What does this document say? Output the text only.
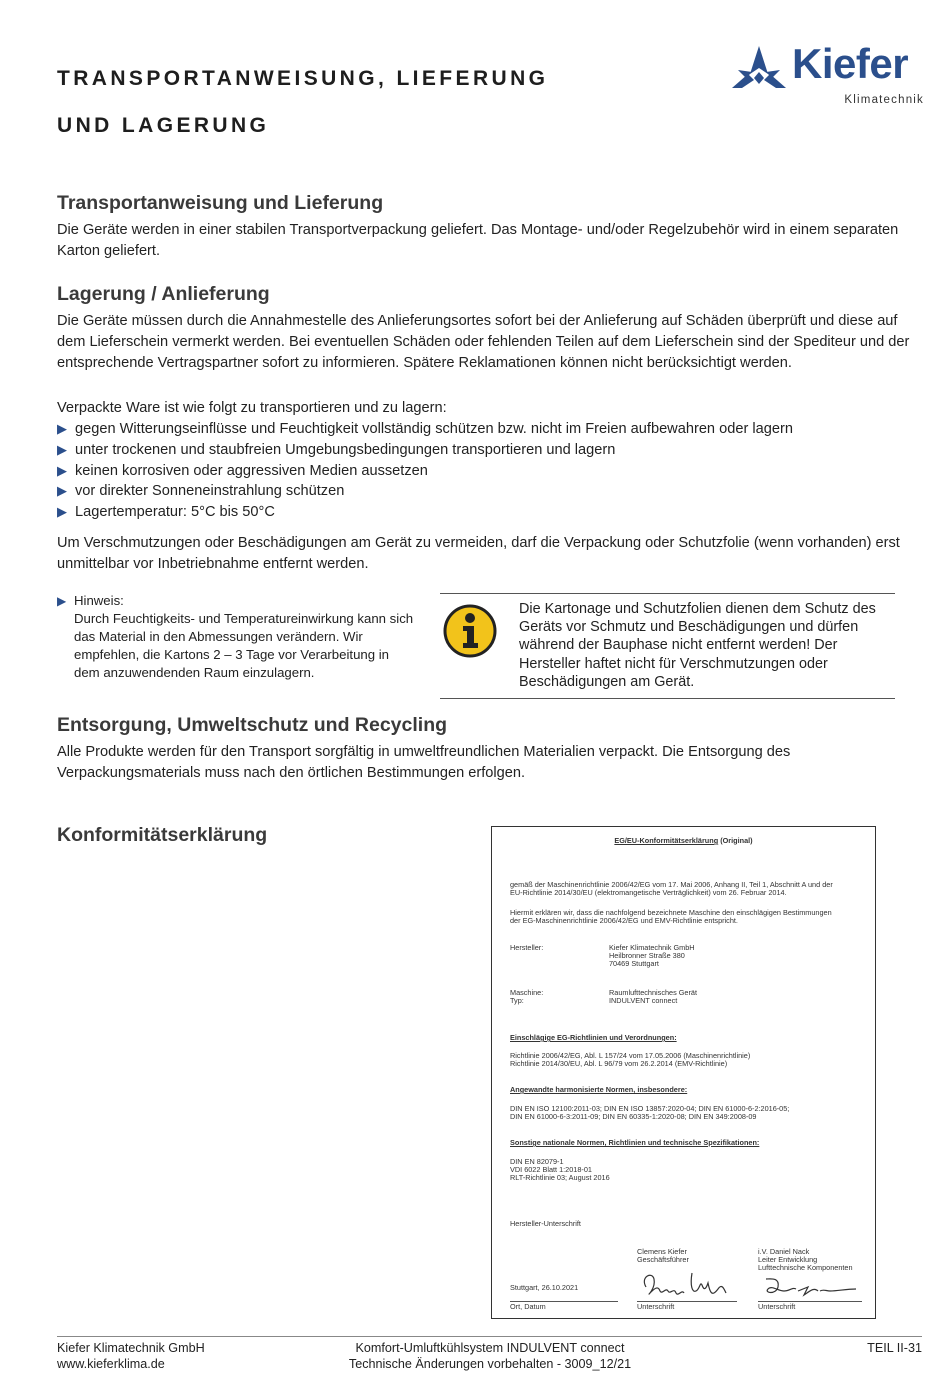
TRANSPORTANWEISUNG, LIEFERUNG
UND LAGERUNG
Kiefer
Klimatechnik
Transportanweisung und Lieferung

Die Geräte werden in einer stabilen Transportverpackung geliefert. Das Montage- und/oder Regelzubehör wird in einem separaten Karton geliefert.

Lagerung / Anlieferung

Die Geräte müssen durch die Annahmestelle des Anlieferungsortes sofort bei der Anlieferung auf Schäden überprüft und diese auf dem Lieferschein vermerkt werden. Bei eventuellen Schäden oder fehlenden Teilen auf dem Lieferschein sind der Spediteur und der entsprechende Vertragspartner sofort zu informieren. Spätere Reklamationen können nicht berücksichtigt werden.

Verpackte Ware ist wie folgt zu transportieren und zu lagern:

▶ gegen Witterungseinflüsse und Feuchtigkeit vollständig schützen bzw. nicht im Freien aufbewahren oder lagern
▶ unter trockenen und staubfreien Umgebungsbedingungen transportieren und lagern
▶ keinen korrosiven oder aggressiven Medien aussetzen
▶ vor direkter Sonneneinstrahlung schützen
▶ Lagertemperatur: 5°C bis 50°C

Um Verschmutzungen oder Beschädigungen am Gerät zu vermeiden, darf die Verpackung oder Schutzfolie (wenn vorhanden) erst unmittelbar vor Inbetriebnahme entfernt werden.

▶ Hinweis:
Durch Feuchtigkeits- und Temperatureinwirkung kann sich das Material in den Abmessungen verändern. Wir empfehlen, die Kartons 2 – 3 Tage vor Verarbeitung in dem anzuwendenden Raum einzulagern.
Die Kartonage und Schutzfolien dienen dem Schutz des Geräts vor Schmutz und Beschädigungen und dürfen während der Bauphase nicht entfernt werden! Der Hersteller haftet nicht für Verschmutzungen oder Beschädigungen am Gerät.
Entsorgung, Umweltschutz und Recycling

Alle Produkte werden für den Transport sorgfältig in umweltfreundlichen Materialien verpackt. Die Entsorgung des Verpackungsmaterials muss nach den örtlichen Bestimmungen erfolgen.

Konformitätserklärung	EG/EU-Konformitätserklärung (Original)
gemäß der Maschinenrichtlinie 2006/42/EG vom 17. Mai 2006, Anhang II, Teil 1, Abschnitt A und der
EU-Richtlinie 2014/30/EU (elektromangetische Verträglichkeit) vom 26. Februar 2014.
Hiermit erklären wir, dass die nachfolgend bezeichnete Maschine den einschlägigen Bestimmungen
der EG-Maschinenrichtlinie 2006/42/EG und EMV-Richtlinie entspricht.
Hersteller:	Kiefer Klimatechnik GmbH
Heilbronner Straße 380
70469 Stuttgart
Maschine:	Raumlufttechnisches Gerät
Typ:	INDULVENT connect
Einschlägige EG-Richtlinien und Verordnungen:
Richtlinie 2006/42/EG, Abl. L 157/24 vom 17.05.2006 (Maschinenrichtlinie)
Richtlinie 2014/30/EU, Abl. L 96/79 vom 26.2.2014 (EMV-Richtlinie)
Angewandte harmonisierte Normen, insbesondere:
DIN EN ISO 12100:2011-03; DIN EN ISO 13857:2020-04; DIN EN 61000-6-2:2016-05;
DIN EN 61000-6-3:2011-09; DIN EN 60335-1:2020-08; DIN EN 349:2008-09
Sonstige nationale Normen, Richtlinien und technische Spezifikationen:
DIN EN 82079-1
VDI 6022 Blatt 1:2018-01
RLT-Richtlinie 03; August 2016
Hersteller-Unterschrift
Clemens Kiefer
Geschäftsführer
i.V. Daniel Nack
Leiter Entwicklung
Lufttechnische Komponenten
Stuttgart, 26.10.2021
Ort, Datum	Unterschrift	Unterschrift
Kiefer Klimatechnik GmbH
www.kieferklima.de
Komfort-Umluftkühlsystem INDULVENT connect
Technische Änderungen vorbehalten - 3009_12/21
TEIL II-31
